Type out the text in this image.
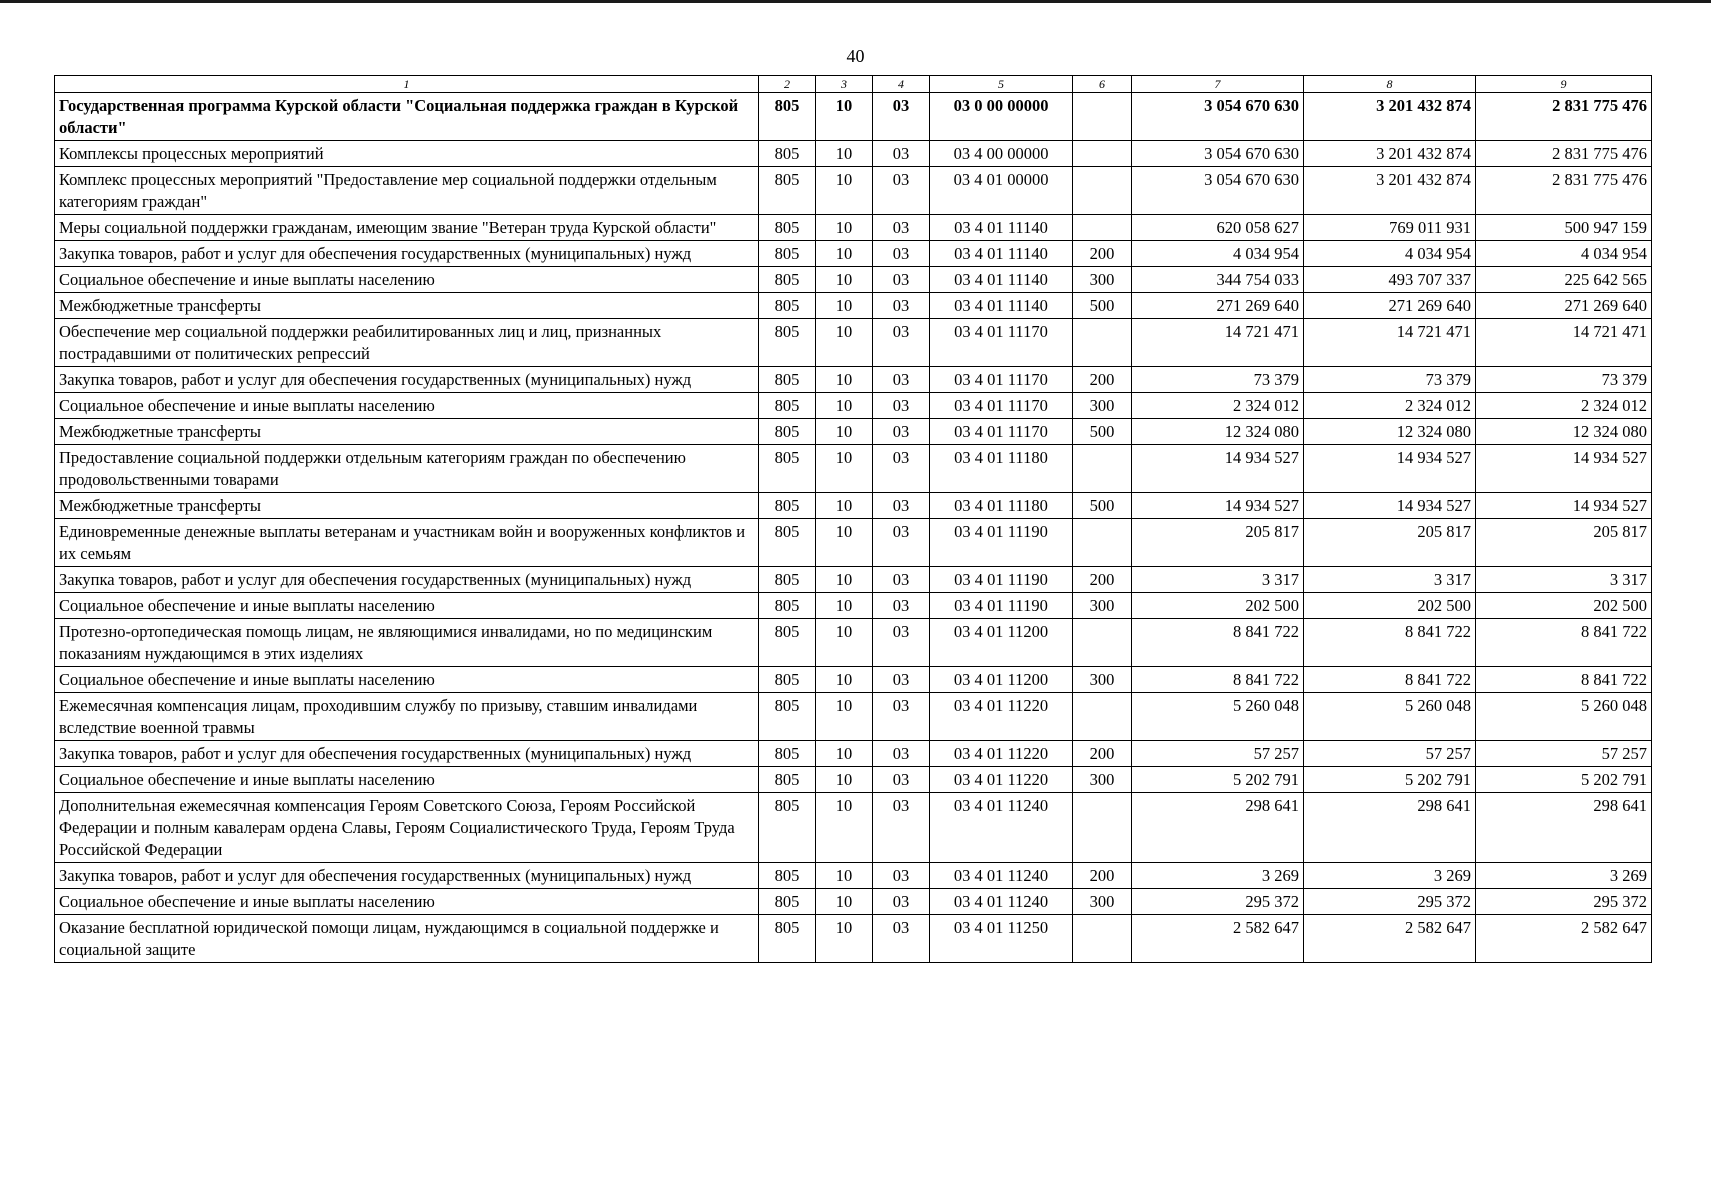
40
1	2	3	4	5	6	7	8	9
Государственная программа Курской области "Социальная поддержка граждан в Курской области"	805	10	03	03 0 00 00000		3 054 670 630	3 201 432 874	2 831 775 476
Комплексы процессных мероприятий	805	10	03	03 4 00 00000		3 054 670 630	3 201 432 874	2 831 775 476
Комплекс процессных мероприятий "Предоставление мер социальной поддержки отдельным категориям граждан"	805	10	03	03 4 01 00000		3 054 670 630	3 201 432 874	2 831 775 476
Меры социальной поддержки гражданам, имеющим звание "Ветеран труда Курской области"	805	10	03	03 4 01 11140		620 058 627	769 011 931	500 947 159
Закупка товаров, работ и услуг для обеспечения государственных (муниципальных) нужд	805	10	03	03 4 01 11140	200	4 034 954	4 034 954	4 034 954
Социальное обеспечение и иные выплаты населению	805	10	03	03 4 01 11140	300	344 754 033	493 707 337	225 642 565
Межбюджетные трансферты	805	10	03	03 4 01 11140	500	271 269 640	271 269 640	271 269 640
Обеспечение мер социальной поддержки реабилитированных лиц и лиц, признанных пострадавшими от политических репрессий	805	10	03	03 4 01 11170		14 721 471	14 721 471	14 721 471
Закупка товаров, работ и услуг для обеспечения государственных (муниципальных) нужд	805	10	03	03 4 01 11170	200	73 379	73 379	73 379
Социальное обеспечение и иные выплаты населению	805	10	03	03 4 01 11170	300	2 324 012	2 324 012	2 324 012
Межбюджетные трансферты	805	10	03	03 4 01 11170	500	12 324 080	12 324 080	12 324 080
Предоставление социальной поддержки отдельным категориям граждан по обеспечению продовольственными товарами	805	10	03	03 4 01 11180		14 934 527	14 934 527	14 934 527
Межбюджетные трансферты	805	10	03	03 4 01 11180	500	14 934 527	14 934 527	14 934 527
Единовременные денежные выплаты ветеранам и участникам войн и вооруженных конфликтов и их семьям	805	10	03	03 4 01 11190		205 817	205 817	205 817
Закупка товаров, работ и услуг для обеспечения государственных (муниципальных) нужд	805	10	03	03 4 01 11190	200	3 317	3 317	3 317
Социальное обеспечение и иные выплаты населению	805	10	03	03 4 01 11190	300	202 500	202 500	202 500
Протезно-ортопедическая помощь лицам, не являющимися инвалидами, но по медицинским показаниям нуждающимся в этих изделиях	805	10	03	03 4 01 11200		8 841 722	8 841 722	8 841 722
Социальное обеспечение и иные выплаты населению	805	10	03	03 4 01 11200	300	8 841 722	8 841 722	8 841 722
Ежемесячная компенсация лицам, проходившим службу по призыву, ставшим инвалидами вследствие военной травмы	805	10	03	03 4 01 11220		5 260 048	5 260 048	5 260 048
Закупка товаров, работ и услуг для обеспечения государственных (муниципальных) нужд	805	10	03	03 4 01 11220	200	57 257	57 257	57 257
Социальное обеспечение и иные выплаты населению	805	10	03	03 4 01 11220	300	5 202 791	5 202 791	5 202 791
Дополнительная ежемесячная компенсация Героям Советского Союза, Героям Российской Федерации и полным кавалерам ордена Славы, Героям Социалистического Труда, Героям Труда Российской Федерации	805	10	03	03 4 01 11240		298 641	298 641	298 641
Закупка товаров, работ и услуг для обеспечения государственных (муниципальных) нужд	805	10	03	03 4 01 11240	200	3 269	3 269	3 269
Социальное обеспечение и иные выплаты населению	805	10	03	03 4 01 11240	300	295 372	295 372	295 372
Оказание бесплатной юридической помощи лицам, нуждающимся в социальной поддержке и социальной защите	805	10	03	03 4 01 11250		2 582 647	2 582 647	2 582 647
